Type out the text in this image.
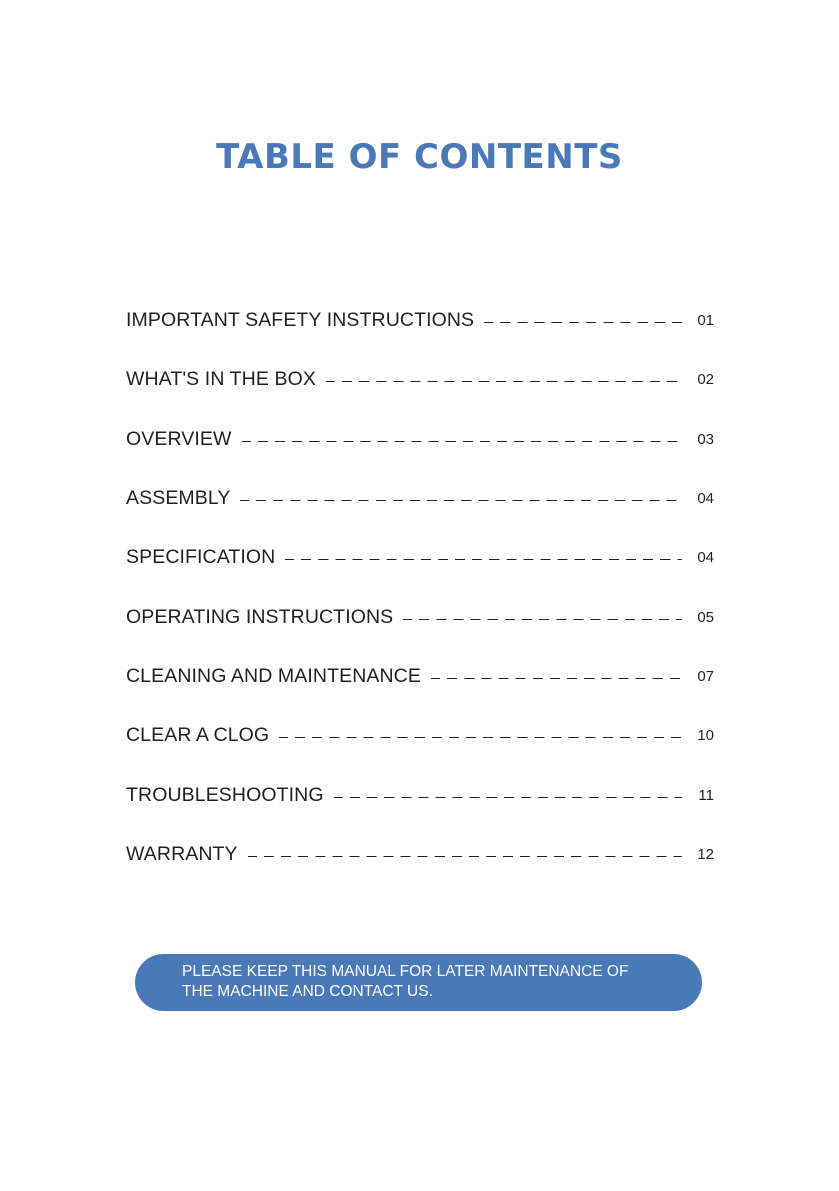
TABLE OF CONTENTS
IMPORTANT SAFETY INSTRUCTIONS	01
WHAT'S IN THE BOX	02
OVERVIEW	03
ASSEMBLY	04
SPECIFICATION	04
OPERATING INSTRUCTIONS	05
CLEANING AND MAINTENANCE	07
CLEAR A CLOG	10
TROUBLESHOOTING	11
WARRANTY	12
PLEASE KEEP THIS MANUAL FOR LATER MAINTENANCE OF
THE MACHINE AND CONTACT US.
